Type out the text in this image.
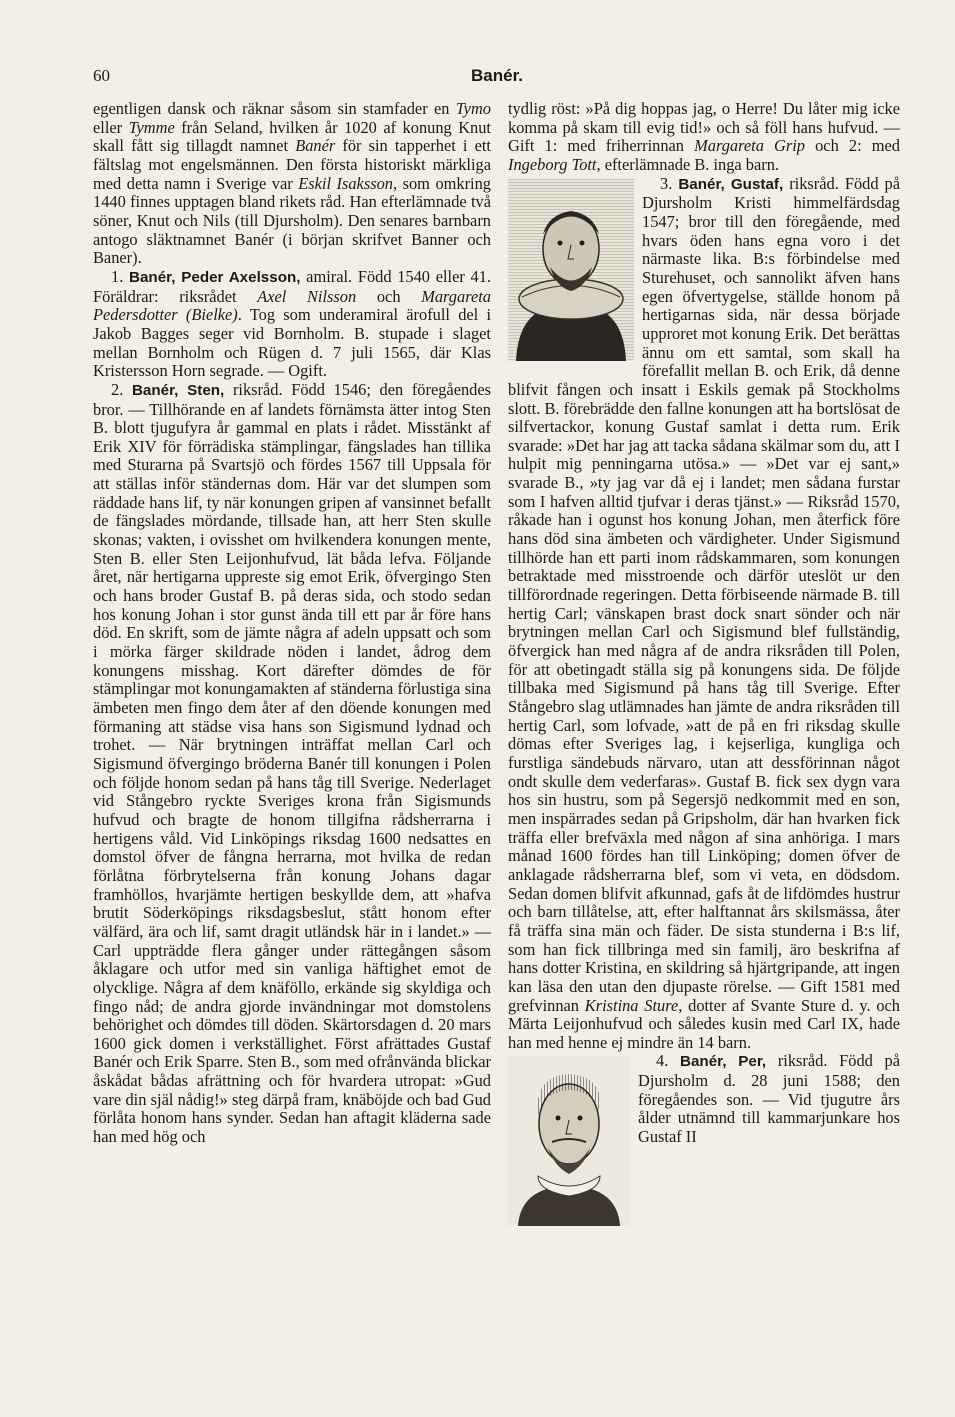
60	Banér.

egentligen dansk och räknar såsom sin stamfader en Tymo eller Tymme från Seland, hvilken år 1020 af konung Knut skall fått sig tillagdt namnet Banér för sin tapperhet i ett fältslag mot engelsmännen. Den första historiskt märkliga med detta namn i Sverige var Eskil Isaksson, som omkring 1440 finnes upptagen bland rikets råd. Han efterlämnade två söner, Knut och Nils (till Djursholm). Den senares barnbarn antogo släktnamnet Banér (i början skrifvet Banner och Baner).

1. Banér, Peder Axelsson, amiral. Född 1540 eller 41. Föräldrar: riksrådet Axel Nilsson och Margareta Pedersdotter (Bielke). Tog som underamiral ärofull del i Jakob Bagges seger vid Bornholm. B. stupade i slaget mellan Bornholm och Rügen d. 7 juli 1565, där Klas Kristersson Horn segrade. — Ogift.

2. Banér, Sten, riksråd. Född 1546; den föregåendes bror. — Tillhörande en af landets förnämsta ätter intog Sten B. blott tjugufyra år gammal en plats i rådet. Misstänkt af Erik XIV för förrädiska stämplingar, fängslades han tillika med Sturarna på Svartsjö och fördes 1567 till Uppsala för att ställas inför ständernas dom. Här var det slumpen som räddade hans lif, ty när konungen gripen af vansinnet befallt de fängslades mördande, tillsade han, att herr Sten skulle skonas; vakten, i ovisshet om hvilkendera konungen mente, Sten B. eller Sten Leijonhufvud, lät båda lefva. Följande året, när hertigarna uppreste sig emot Erik, öfvergingo Sten och hans broder Gustaf B. på deras sida, och stodo sedan hos konung Johan i stor gunst ända till ett par år före hans död. En skrift, som de jämte några af adeln uppsatt och som i mörka färger skildrade nöden i landet, ådrog dem konungens misshag. Kort därefter dömdes de för stämplingar mot konungamakten af ständerna förlustiga sina ämbeten men fingo dem åter af den döende konungen med förmaning att städse visa hans son Sigismund lydnad och trohet. — När brytningen inträffat mellan Carl och Sigismund öfvergingo bröderna Banér till konungen i Polen och följde honom sedan på hans tåg till Sverige. Nederlaget vid Stångebro ryckte Sveriges krona från Sigismunds hufvud och bragte de honom tillgifna rådsherrarna i hertigens våld. Vid Linköpings riksdag 1600 nedsattes en domstol öfver de fångna herrarna, mot hvilka de redan förlåtna förbrytelserna från konung Johans dagar framhöllos, hvarjämte hertigen beskyllde dem, att »hafva brutit Söderköpings riksdagsbeslut, stått honom efter välfärd, ära och lif, samt dragit utländsk här in i landet.» — Carl uppträdde flera gånger under rättegången såsom åklagare och utfor med sin vanliga häftighet emot de olycklige. Några af dem knäföllo, erkände sig skyldiga och fingo nåd; de andra gjorde invändningar mot domstolens behörighet och dömdes till döden. Skärtorsdagen d. 20 mars 1600 gick domen i verkställighet. Först afrättades Gustaf Banér och Erik Sparre. Sten B., som med ofrånvända blickar åskådat bådas afrättning och för hvardera utropat: »Gud vare din själ nådig!» steg därpå fram, knäböjde och bad Gud förlåta honom hans synder. Sedan han aftagit kläderna sade han med hög och

tydlig röst: »På dig hoppas jag, o Herre! Du låter mig icke komma på skam till evig tid!» och så föll hans hufvud. — Gift 1: med friherrinnan Margareta Grip och 2: med Ingeborg Tott, efterlämnade B. inga barn.

3. Banér, Gustaf,
riksråd. Född på Djursholm Kristi himmelfärdsdag 1547; bror till den föregående, med hvars öden hans egna voro i det närmaste lika. B:s förbindelse med Sturehuset, och sannolikt äfven hans egen öfvertygelse, ställde honom på hertigarnas sida, när dessa började upproret mot konung Erik. Det berättas ännu om ett samtal, som skall ha förefallit mellan B. och Erik, då denne blifvit fången och insatt i Eskils gemak på Stockholms slott. B. förebrädde den fallne konungen att ha bortslösat de silfvertackor, konung Gustaf samlat i detta rum. Erik svarade: »Det har jag att tacka sådana skälmar som du, att I hulpit mig penningarna utösa.» — »Det var ej sant,» svarade B., »ty jag var då ej i landet; men sådana furstar som I hafven alltid tjufvar i deras tjänst.» — Riksråd 1570, råkade han i ogunst hos konung Johan, men återfick före hans död sina ämbeten och värdigheter. Under Sigismund tillhörde han ett parti inom rådskammaren, som konungen betraktade med misstroende och därför uteslöt ur den tillförordnade regeringen. Detta förbiseende närmade B. till hertig Carl; vänskapen brast dock snart sönder och när brytningen mellan Carl och Sigismund blef fullständig, öfvergick han med några af de andra riksråden till Polen, för att obetingadt ställa sig på konungens sida. De följde tillbaka med Sigismund på hans tåg till Sverige. Efter Stångebro slag utlämnades han jämte de andra riksråden till hertig Carl, som lofvade, »att de på en fri riksdag skulle dömas efter Sveriges lag, i kejserliga, kungliga och furstliga sändebuds närvaro, utan att dessförinnan något ondt skulle dem vederfaras». Gustaf B. fick sex dygn vara hos sin hustru, som på Segersjö nedkommit med en son, men inspärrades sedan på Gripsholm, där han hvarken fick träffa eller brefväxla med någon af sina anhöriga. I mars månad 1600 fördes han till Linköping; domen öfver de anklagade rådsherrarna blef, som vi veta, en dödsdom. Sedan domen blifvit afkunnad, gafs åt de lifdömdes hustrur och barn tillåtelse, att, efter halftannat års skilsmässa, åter få träffa sina män och fäder. De sista stunderna i B:s lif, som han fick tillbringa med sin familj, äro beskrifna af hans dotter Kristina, en skildring så hjärtgripande, att ingen kan läsa den utan den djupaste rörelse. — Gift 1581 med grefvinnan Kristina Sture, dotter af Svante Sture d. y. och Märta Leijonhufvud och således kusin med Carl IX, hade han med henne ej mindre än 14 barn.

4. Banér, Per, riksråd. Född på Djursholm d. 28 juni 1588; den föregåendes son. — Vid tjugutre års ålder utnämnd till kammarjunkare hos Gustaf II
